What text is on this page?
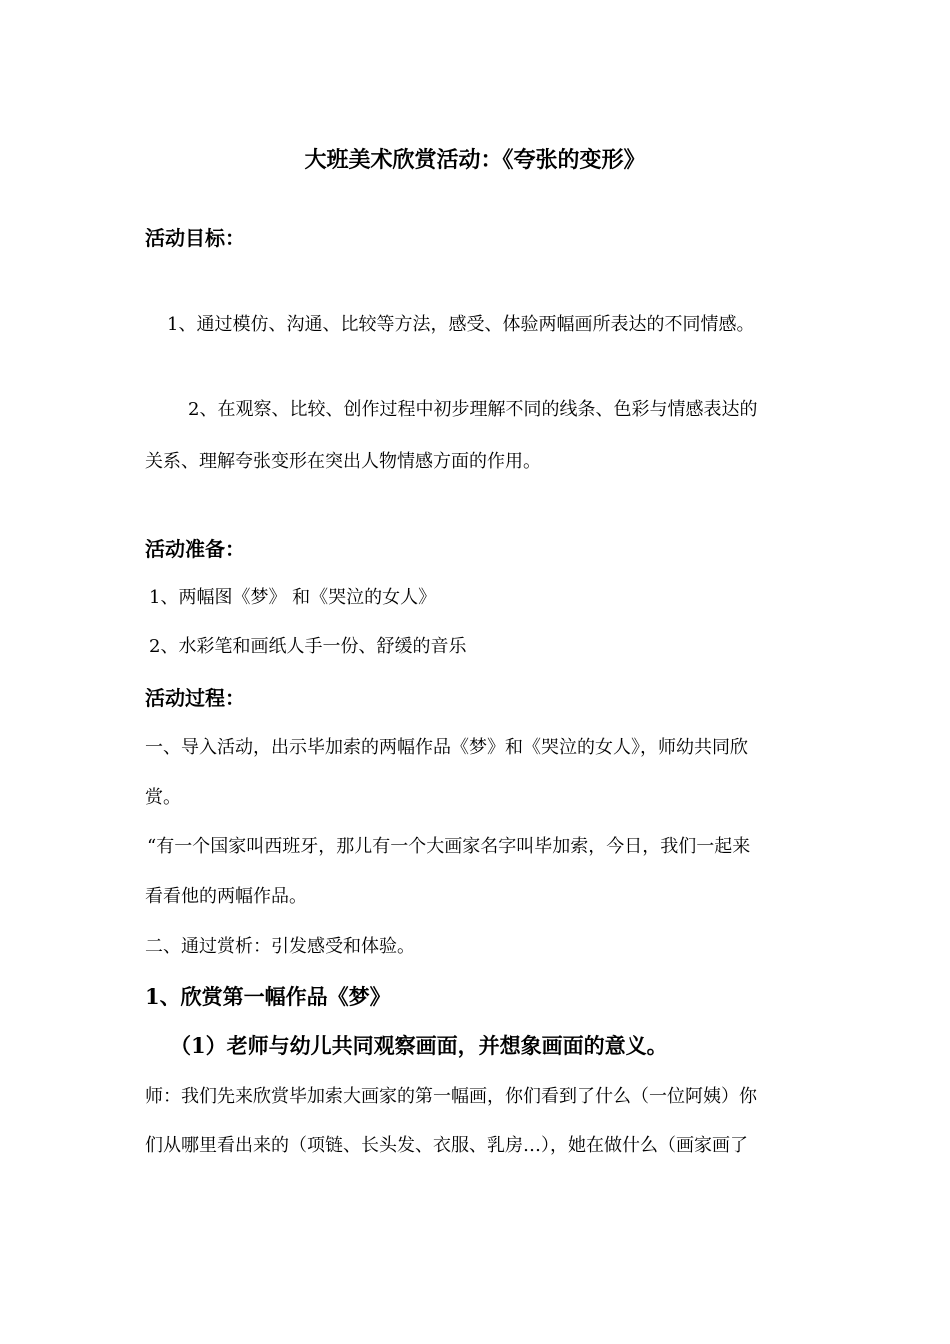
大班美术欣赏活动：《夸张的变形》
活动目标：
1、通过模仿、沟通、比较等方法，感受、体验两幅画所表达的不同情感。
2、在观察、比较、创作过程中初步理解不同的线条、色彩与情感表达的
关系、理解夸张变形在突出人物情感方面的作用。
活动准备：
1、两幅图《梦》 和《哭泣的女人》
2、水彩笔和画纸人手一份、舒缓的音乐
活动过程：
一、导入活动，出示毕加索的两幅作品《梦》和《哭泣的女人》，师幼共同欣
赏。
“有一个国家叫西班牙，那儿有一个大画家名字叫毕加索，今日，我们一起来
看看他的两幅作品。
二、通过赏析：引发感受和体验。
1、欣赏第一幅作品《梦》
（1）老师与幼儿共同观察画面，并想象画面的意义。
师：我们先来欣赏毕加索大画家的第一幅画，你们看到了什么（一位阿姨）你
们从哪里看出来的（项链、长头发、衣服、乳房…），她在做什么（画家画了
